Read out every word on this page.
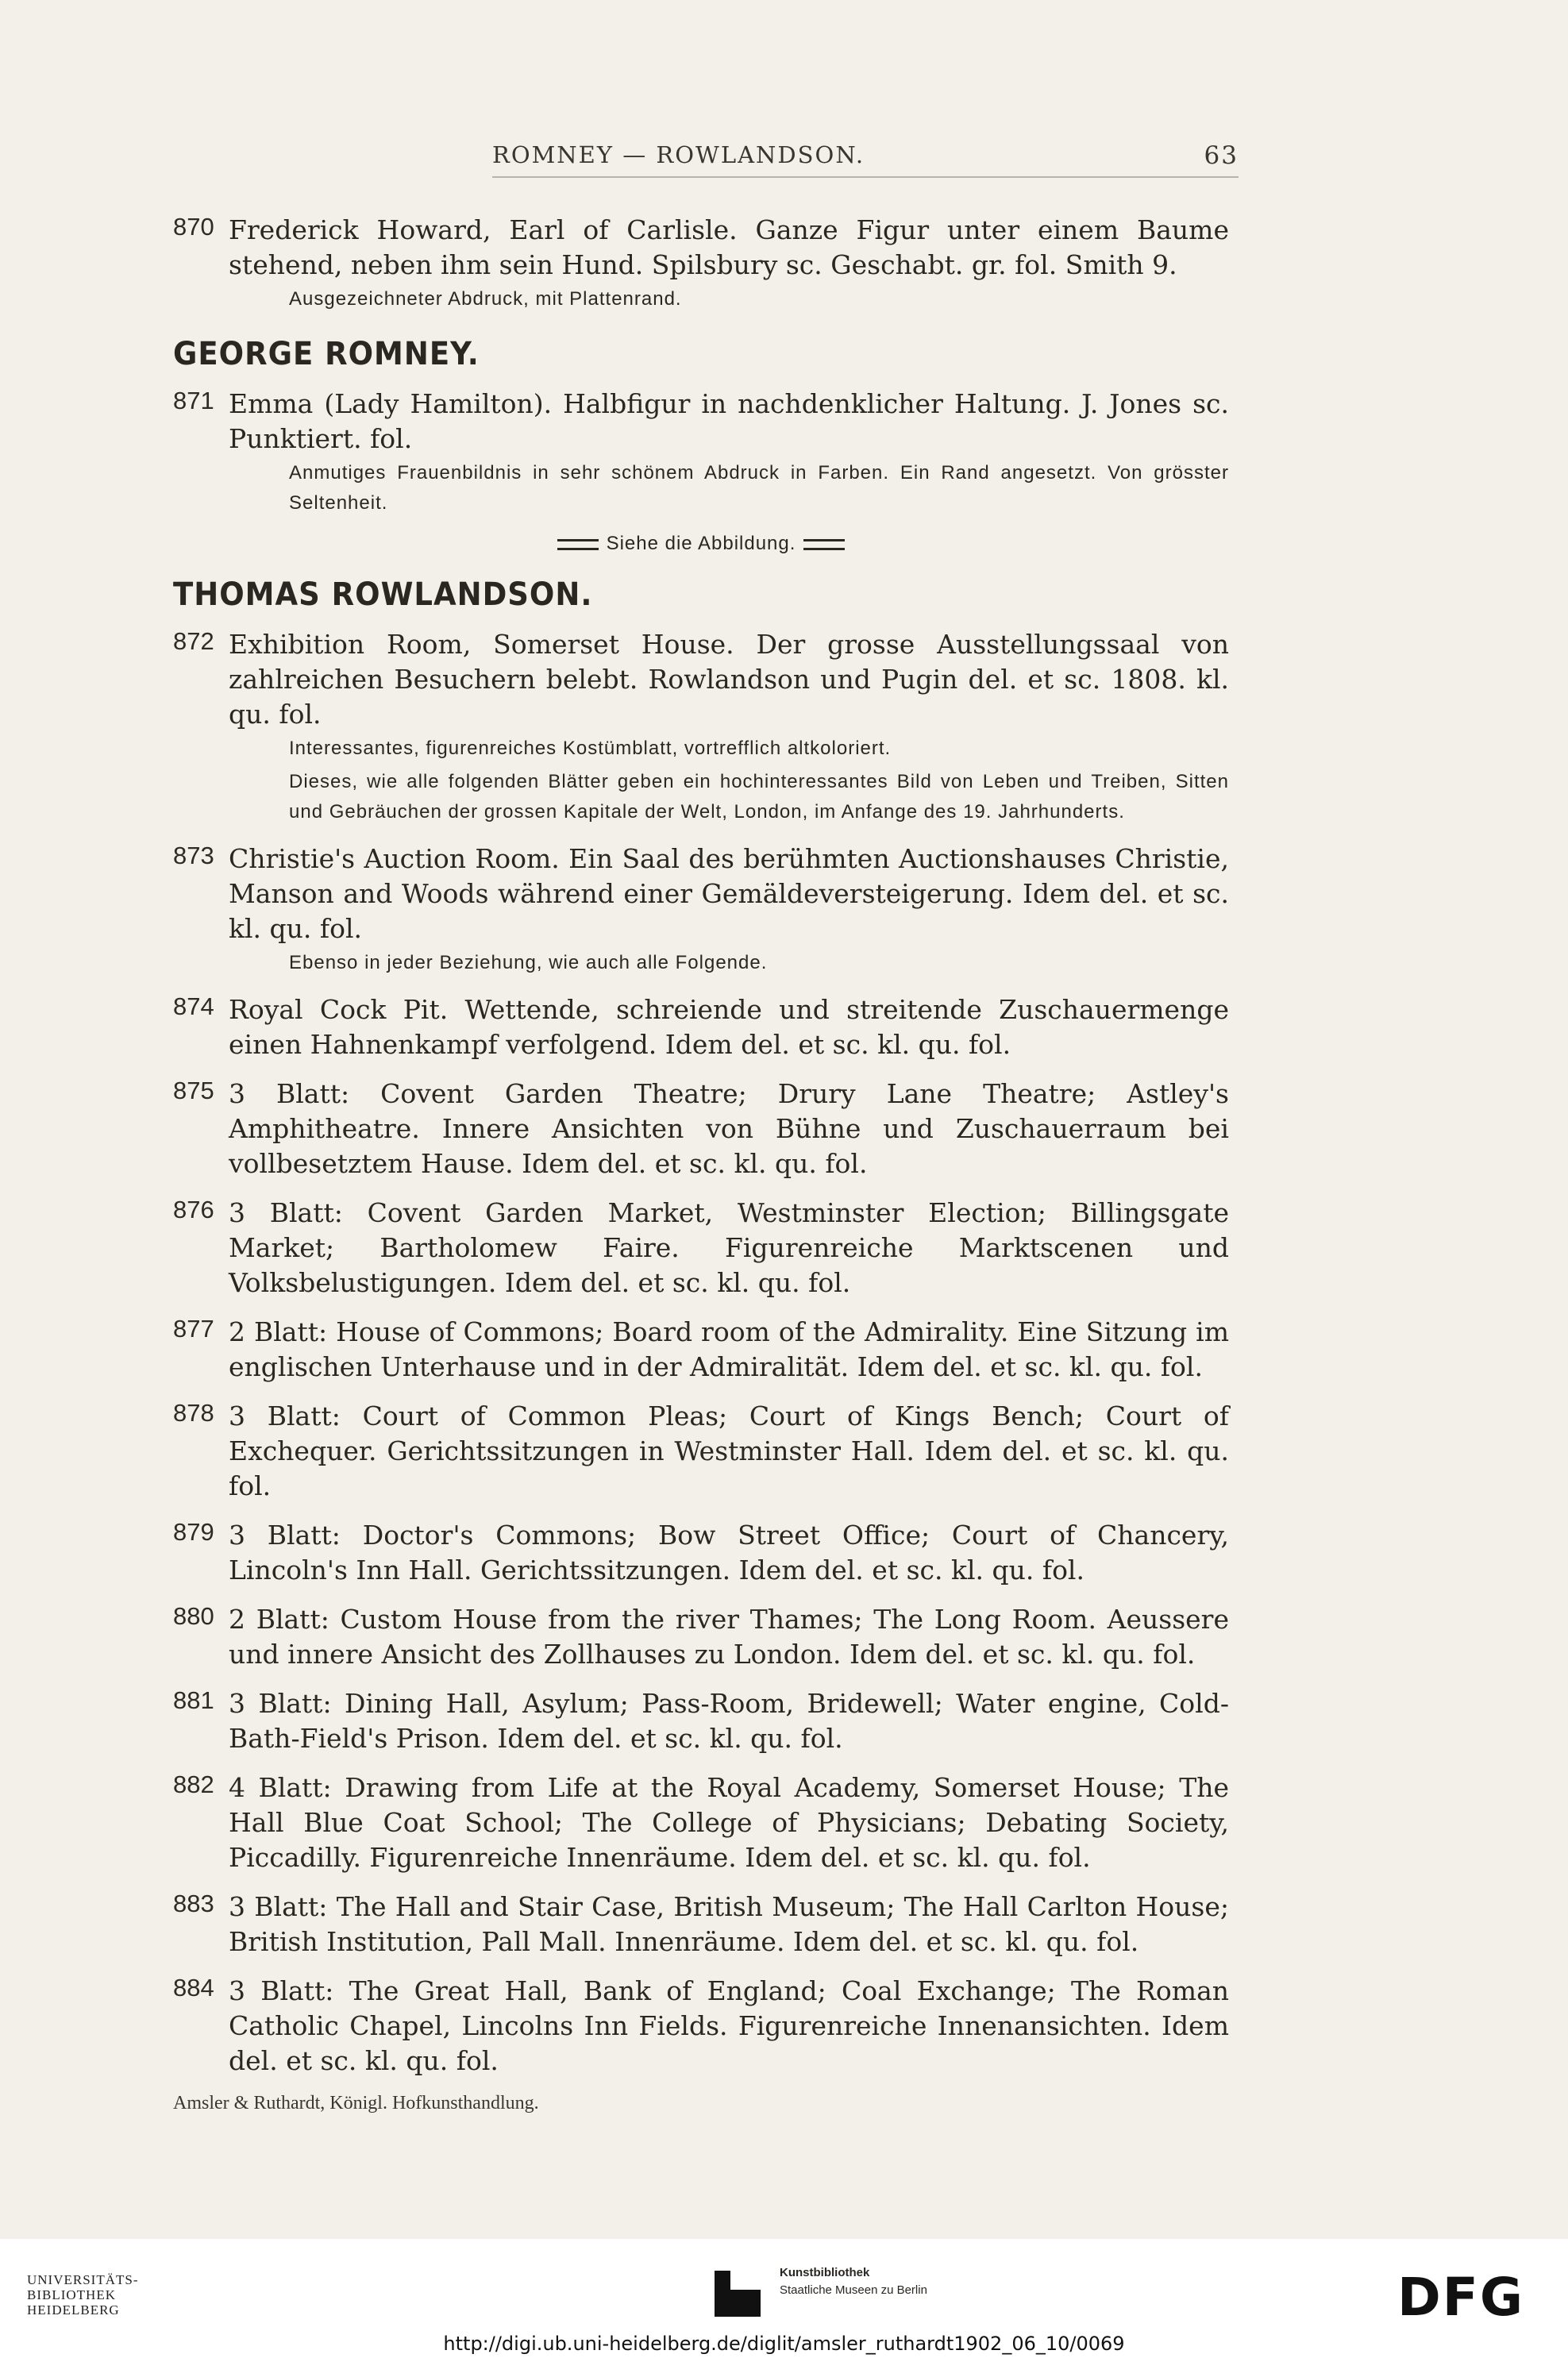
ROMNEY — ROWLANDSON.	63
870 Frederick Howard, Earl of Carlisle. Ganze Figur unter einem Baume stehend, neben ihm sein Hund. Spilsbury sc. Geschabt. gr. fol. Smith 9.
Ausgezeichneter Abdruck, mit Plattenrand.
GEORGE ROMNEY.
871 Emma (Lady Hamilton). Halbfigur in nachdenklicher Haltung. J. Jones sc. Punktiert. fol.
Anmutiges Frauenbildnis in sehr schönem Abdruck in Farben. Ein Rand angesetzt. Von grösster Seltenheit.
Siehe die Abbildung.
THOMAS ROWLANDSON.
872 Exhibition Room, Somerset House. Der grosse Ausstellungssaal von zahlreichen Besuchern belebt. Rowlandson und Pugin del. et sc. 1808. kl. qu. fol.
Interessantes, figurenreiches Kostümblatt, vortrefflich altkoloriert.
Dieses, wie alle folgenden Blätter geben ein hochinteressantes Bild von Leben und Treiben, Sitten und Gebräuchen der grossen Kapitale der Welt, London, im Anfange des 19. Jahrhunderts.
873 Christie's Auction Room. Ein Saal des berühmten Auctionshauses Christie, Manson and Woods während einer Gemäldeversteigerung. Idem del. et sc. kl. qu. fol.
Ebenso in jeder Beziehung, wie auch alle Folgende.
874 Royal Cock Pit. Wettende, schreiende und streitende Zuschauermenge einen Hahnenkampf verfolgend. Idem del. et sc. kl. qu. fol.
875 3 Blatt: Covent Garden Theatre; Drury Lane Theatre; Astley's Amphitheatre. Innere Ansichten von Bühne und Zuschauerraum bei vollbesetztem Hause. Idem del. et sc. kl. qu. fol.
876 3 Blatt: Covent Garden Market, Westminster Election; Billingsgate Market; Bartholomew Faire. Figurenreiche Marktscenen und Volksbelustigungen. Idem del. et sc. kl. qu. fol.
877 2 Blatt: House of Commons; Board room of the Admirality. Eine Sitzung im englischen Unterhause und in der Admiralität. Idem del. et sc. kl. qu. fol.
878 3 Blatt: Court of Common Pleas; Court of Kings Bench; Court of Exchequer. Gerichtssitzungen in Westminster Hall. Idem del. et sc. kl. qu. fol.
879 3 Blatt: Doctor's Commons; Bow Street Office; Court of Chancery, Lincoln's Inn Hall. Gerichtssitzungen. Idem del. et sc. kl. qu. fol.
880 2 Blatt: Custom House from the river Thames; The Long Room. Aeussere und innere Ansicht des Zollhauses zu London. Idem del. et sc. kl. qu. fol.
881 3 Blatt: Dining Hall, Asylum; Pass-Room, Bridewell; Water engine, Cold-Bath-Field's Prison. Idem del. et sc. kl. qu. fol.
882 4 Blatt: Drawing from Life at the Royal Academy, Somerset House; The Hall Blue Coat School; The College of Physicians; Debating Society, Piccadilly. Figurenreiche Innenräume. Idem del. et sc. kl. qu. fol.
883 3 Blatt: The Hall and Stair Case, British Museum; The Hall Carlton House; British Institution, Pall Mall. Innenräume. Idem del. et sc. kl. qu. fol.
884 3 Blatt: The Great Hall, Bank of England; Coal Exchange; The Roman Catholic Chapel, Lincolns Inn Fields. Figurenreiche Innenansichten. Idem del. et sc. kl. qu. fol.
Amsler & Ruthardt, Königl. Hofkunsthandlung.
UNIVERSITÄTS- BIBLIOTHEK HEIDELBERG
Kunstbibliothek
Staatliche Museen zu Berlin	DFG
http://digi.ub.uni-heidelberg.de/diglit/amsler_ruthardt1902_06_10/0069
